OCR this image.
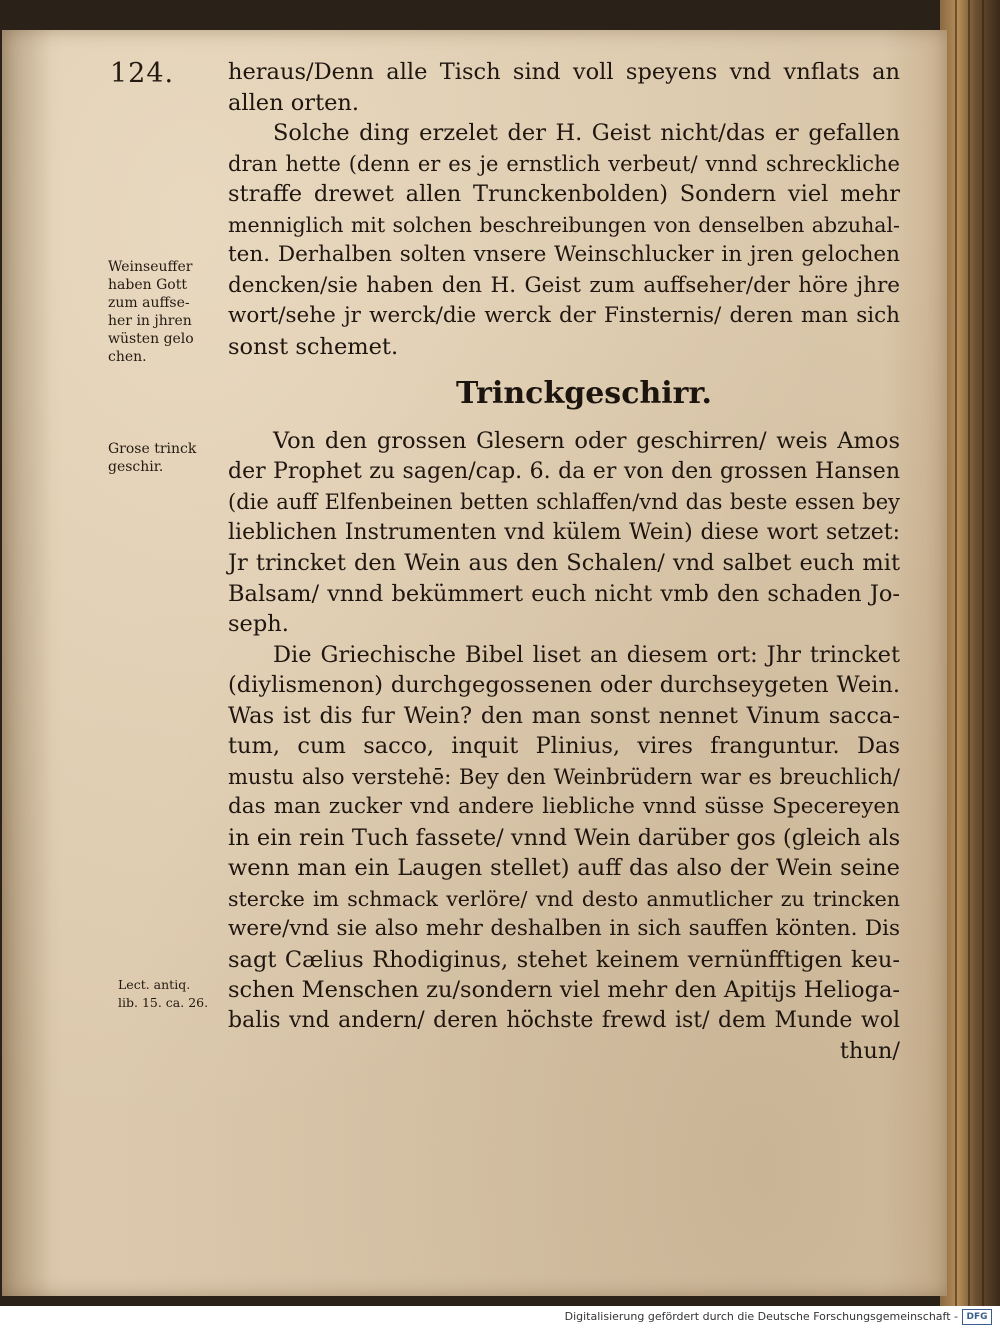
124. heraus/Denn alle Tisch sind voll speyens vnd vnflats an
allen orten.
Solche ding erzelet der H. Geist nicht/das er gefallen
dran hette (denn er es je ernstlich verbeut/ vnnd schreckliche
straffe drewet allen Trunckenbolden) Sondern viel mehr
menniglich mit solchen beschreibungen von denselben abzuhal-
ten. Derhalben solten vnsere Weinschlucker in jren gelochen
dencken/sie haben den H. Geist zum auffseher/der höre jhre
wort/sehe jr werck/die werck der Finsternis/ deren man sich
sonst schemet.
Trinckgeschirr.
Von den grossen Glesern oder geschirren/ weis Amos
der Prophet zu sagen/cap. 6. da er von den grossen Hansen
(die auff Elfenbeinen betten schlaffen/vnd das beste essen bey
lieblichen Instrumenten vnd külem Wein) diese wort setzet:
Jr trincket den Wein aus den Schalen/ vnd salbet euch mit
Balsam/ vnnd bekümmert euch nicht vmb den schaden Jo-
seph.
Die Griechische Bibel liset an diesem ort: Jhr trincket
(diylismenon) durchgegossenen oder durchseygeten Wein.
Was ist dis fur Wein? den man sonst nennet Vinum sacca-
tum, cum sacco, inquit Plinius, vires franguntur. Das
mustu also verstehē: Bey den Weinbrüdern war es breuchlich/
das man zucker vnd andere liebliche vnnd süsse Specereyen
in ein rein Tuch fassete/ vnnd Wein darüber gos (gleich als
wenn man ein Laugen stellet) auff das also der Wein seine
stercke im schmack verlöre/ vnd desto anmutlicher zu trincken
were/vnd sie also mehr deshalben in sich sauffen könten. Dis
sagt Cælius Rhodiginus, stehet keinem vernünfftigen keu-
schen Menschen zu/sondern viel mehr den Apitijs Helioga-
balis vnd andern/ deren höchste frewd ist/ dem Munde wol
thun/
Weinseuffer
haben Gott
zum auffse-
her in jhren
wüsten gelo
chen.
Grose trinck
geschir.
Lect. antiq.
lib. 15. ca. 26.
Digitalisierung gefördert durch die Deutsche Forschungsgemeinschaft - DFG
